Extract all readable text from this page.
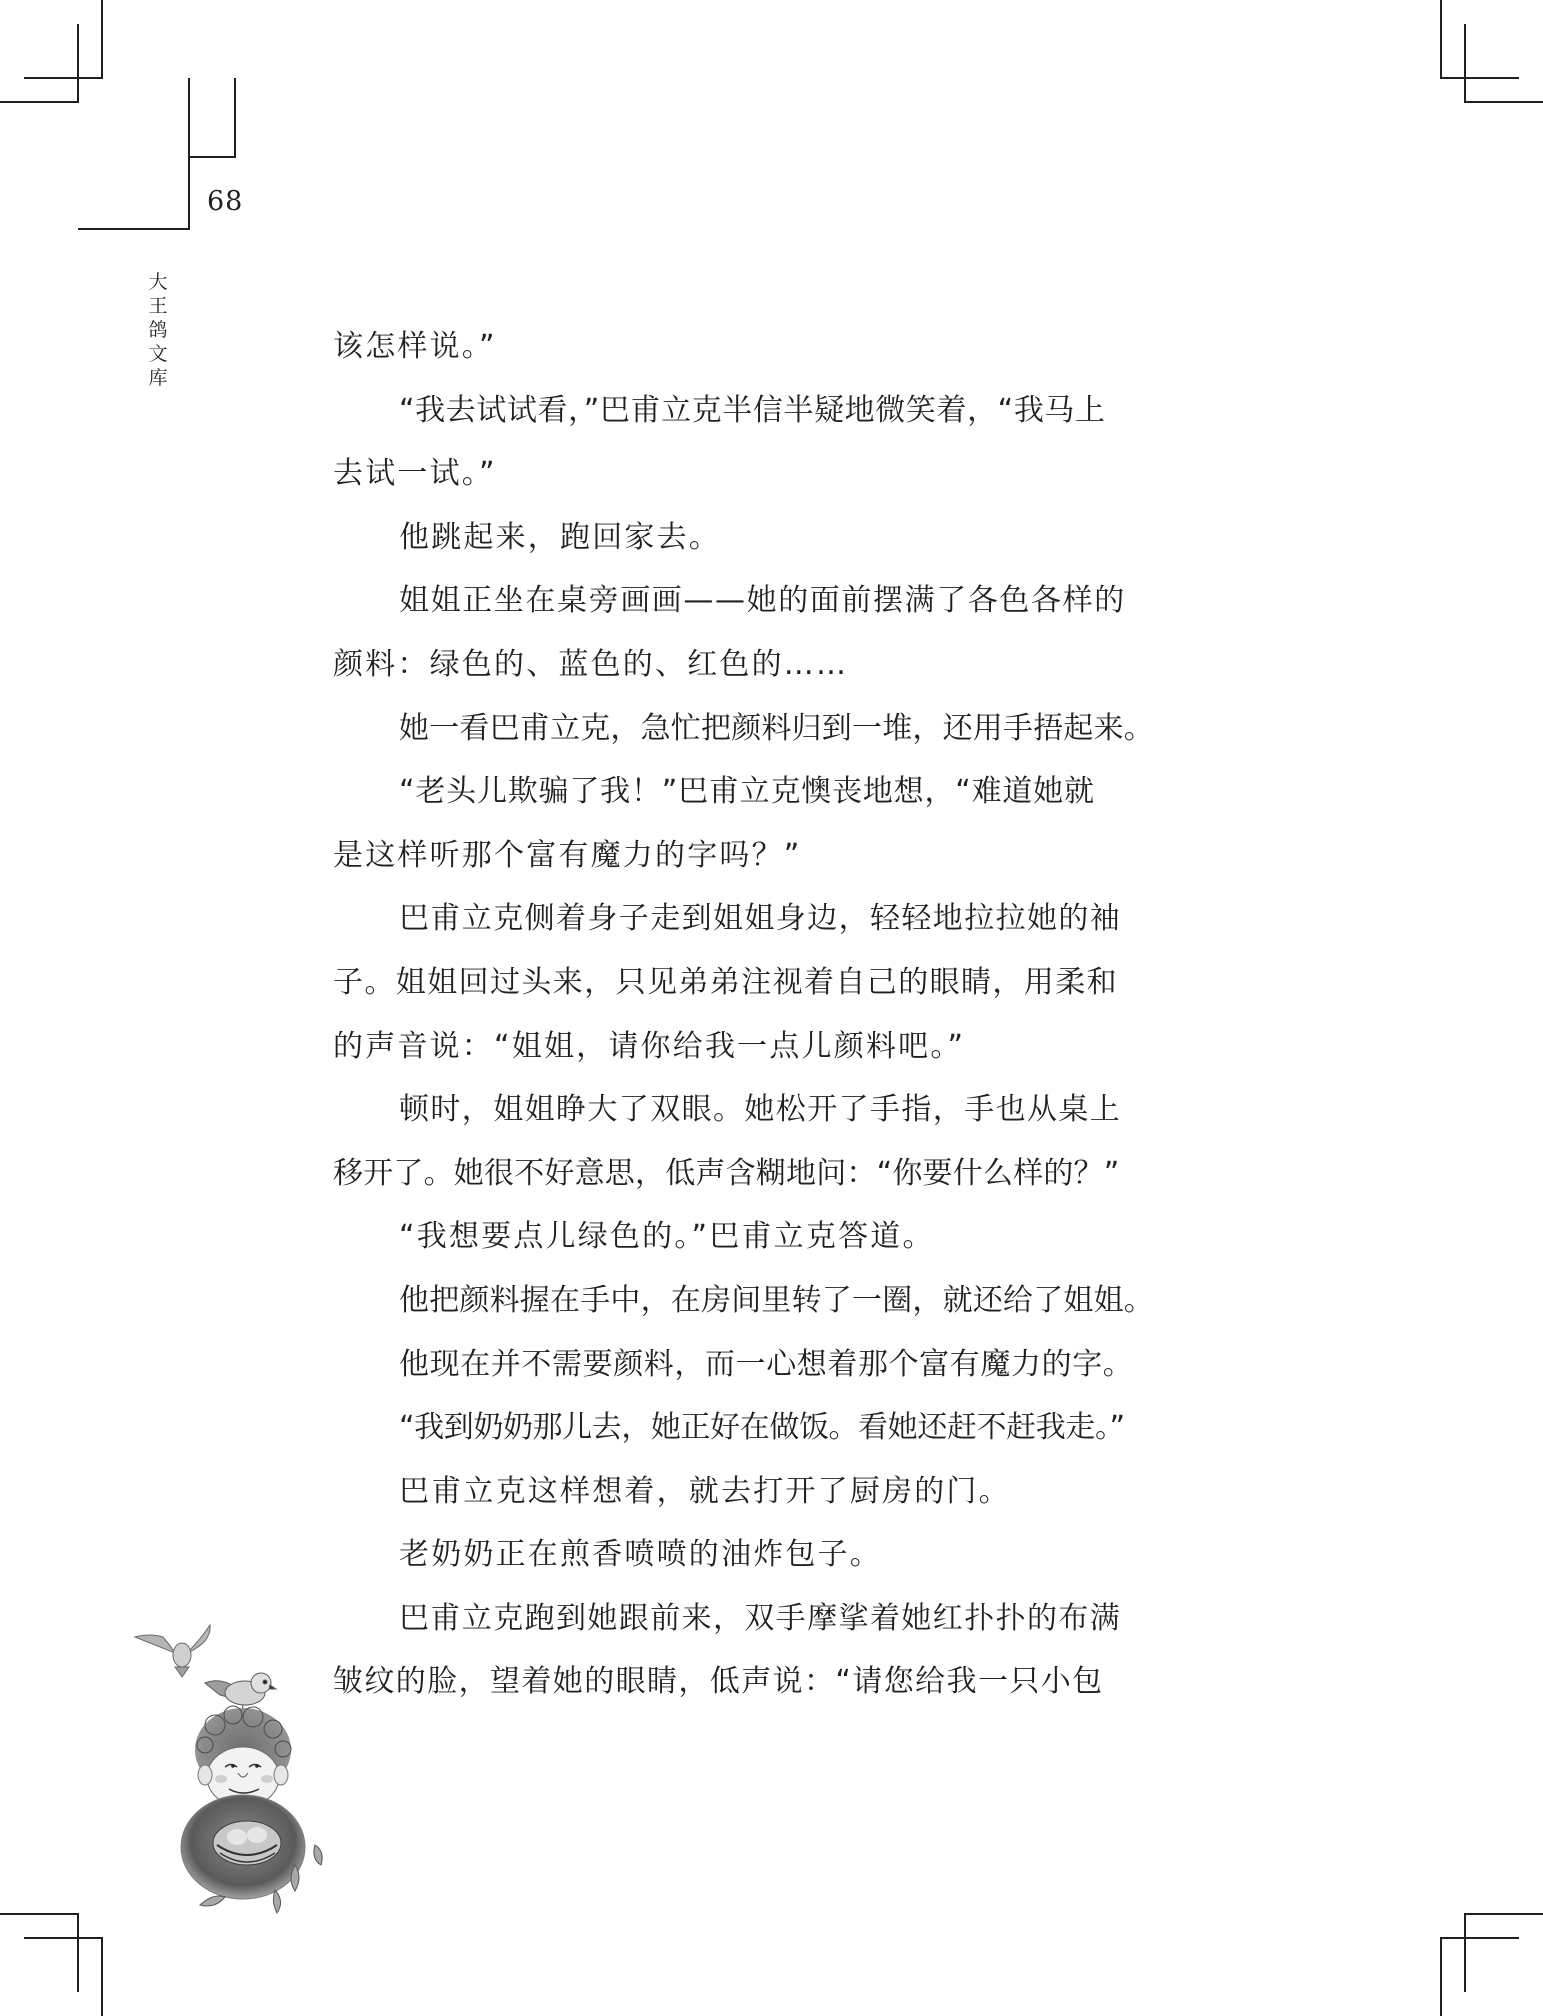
68
大
王
鸽
文
库
该怎样说。”
“我去试试看，”巴甫立克半信半疑地微笑着，“我马上
去试一试。”
他跳起来，跑回家去。
姐姐正坐在桌旁画画——她的面前摆满了各色各样的
颜料：绿色的、蓝色的、红色的……
她一看巴甫立克，急忙把颜料归到一堆，还用手捂起来。
“老头儿欺骗了我！”巴甫立克懊丧地想，“难道她就
是这样听那个富有魔力的字吗？”
巴甫立克侧着身子走到姐姐身边，轻轻地拉拉她的袖
子。姐姐回过头来，只见弟弟注视着自己的眼睛，用柔和
的声音说：“姐姐，请你给我一点儿颜料吧。”
顿时，姐姐睁大了双眼。她松开了手指，手也从桌上
移开了。她很不好意思，低声含糊地问：“你要什么样的？”
“我想要点儿绿色的。”巴甫立克答道。
他把颜料握在手中，在房间里转了一圈，就还给了姐姐。
他现在并不需要颜料，而一心想着那个富有魔力的字。
“我到奶奶那儿去，她正好在做饭。看她还赶不赶我走。”
巴甫立克这样想着，就去打开了厨房的门。
老奶奶正在煎香喷喷的油炸包子。
巴甫立克跑到她跟前来，双手摩挲着她红扑扑的布满
皱纹的脸，望着她的眼睛，低声说：“请您给我一只小包
